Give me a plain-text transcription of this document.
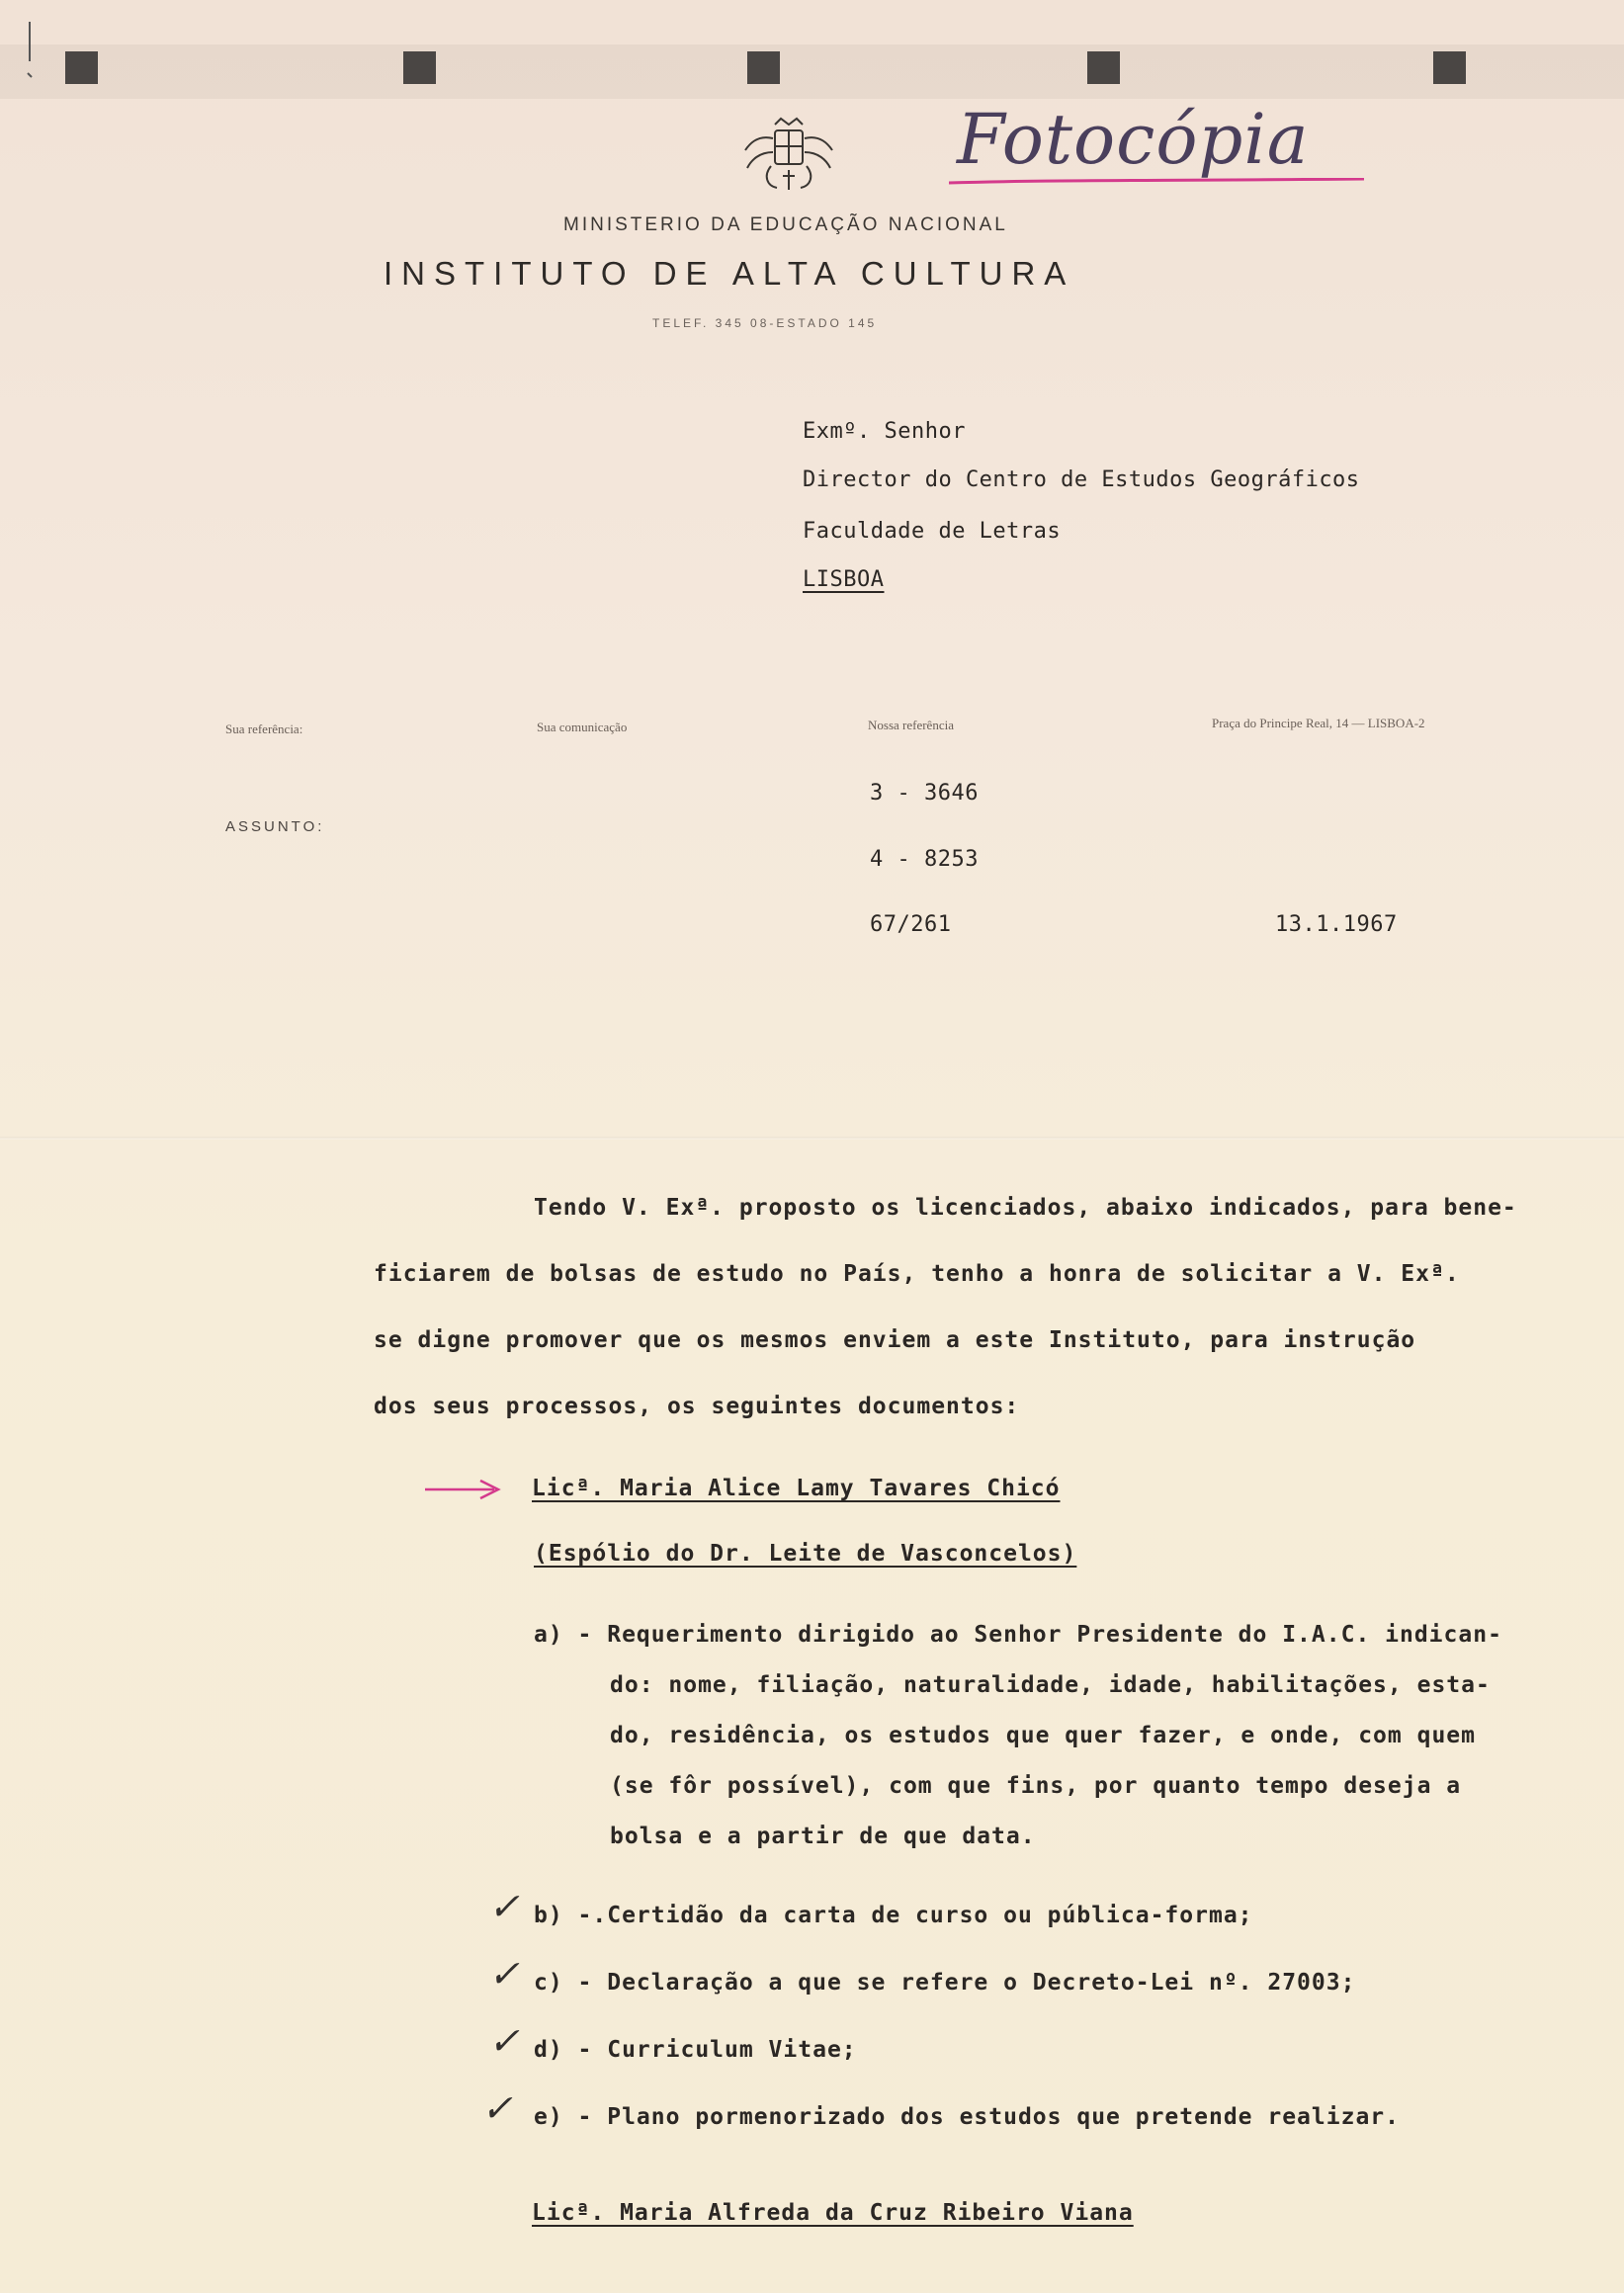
Fotocópia
MINISTERIO DA EDUCAÇÃO NACIONAL
INSTITUTO DE ALTA CULTURA
TELEF. 345 08-ESTADO 145
Exmº. Senhor
Director do Centro de Estudos Geográficos
Faculdade de Letras
LISBOA
Sua referência:	Sua comunicação	Nossa referência	Praça do Principe Real, 14 — LISBOA-2
ASSUNTO:
3 - 3646
4 - 8253
67/261	13.1.1967
Tendo V. Exª. proposto os licenciados, abaixo indicados, para bene-
ficiarem de bolsas de estudo no País, tenho a honra de solicitar a V. Exª.
se digne promover que os mesmos enviem a este Instituto, para instrução
dos seus processos, os seguintes documentos:
Licª. Maria Alice Lamy Tavares Chicó
(Espólio do Dr. Leite de Vasconcelos)
a) - Requerimento dirigido ao Senhor Presidente do I.A.C. indican-
do: nome, filiação, naturalidade, idade, habilitações, esta-
do, residência, os estudos que quer fazer, e onde, com quem
(se fôr possível), com que fins, por quanto tempo deseja a
bolsa e a partir de que data.
✓ b) -.Certidão da carta de curso ou pública-forma;
✓ c) - Declaração a que se refere o Decreto-Lei nº. 27003;
✓ d) - Curriculum Vitae;
✓ e) - Plano pormenorizado dos estudos que pretende realizar.
Licª. Maria Alfreda da Cruz Ribeiro Viana
